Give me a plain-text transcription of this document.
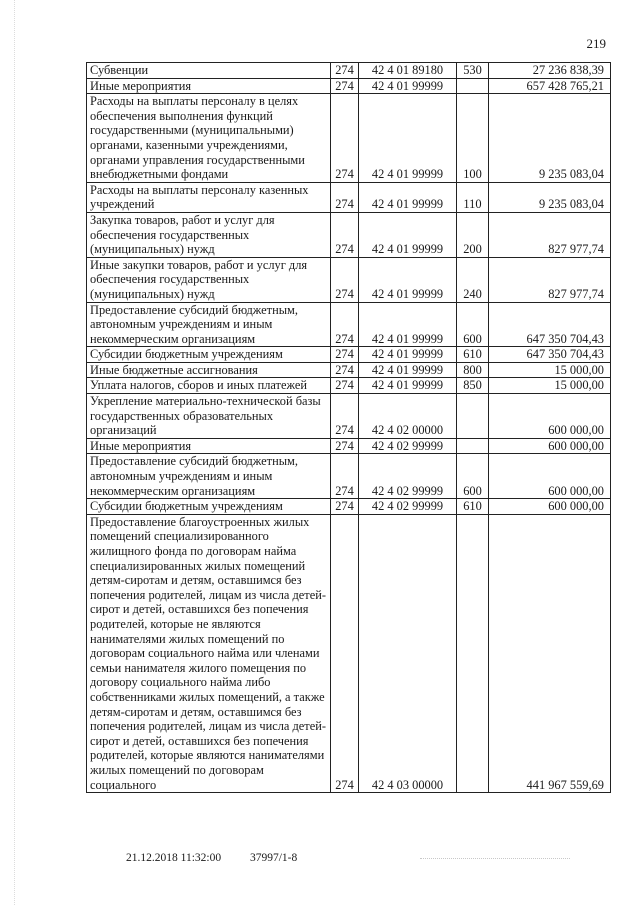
219
Субвенции	274	42 4 01 89180	530	27 236 838,39
Иные мероприятия	274	42 4 01 99999		657 428 765,21
Расходы на выплаты персоналу в целях обеспечения выполнения функций государственными (муниципальными) органами, казенными учреждениями, органами управления государственными внебюджетными фондами	274	42 4 01 99999	100	9 235 083,04
Расходы на выплаты персоналу казенных учреждений	274	42 4 01 99999	110	9 235 083,04
Закупка товаров, работ и услуг для обеспечения государственных (муниципальных) нужд	274	42 4 01 99999	200	827 977,74
Иные закупки товаров, работ и услуг для обеспечения государственных (муниципальных) нужд	274	42 4 01 99999	240	827 977,74
Предоставление субсидий бюджетным, автономным учреждениям и иным некоммерческим организациям	274	42 4 01 99999	600	647 350 704,43
Субсидии бюджетным учреждениям	274	42 4 01 99999	610	647 350 704,43
Иные бюджетные ассигнования	274	42 4 01 99999	800	15 000,00
Уплата налогов, сборов и иных платежей	274	42 4 01 99999	850	15 000,00
Укрепление материально-технической базы государственных образовательных организаций	274	42 4 02 00000		600 000,00
Иные мероприятия	274	42 4 02 99999		600 000,00
Предоставление субсидий бюджетным, автономным учреждениям и иным некоммерческим организациям	274	42 4 02 99999	600	600 000,00
Субсидии бюджетным учреждениям	274	42 4 02 99999	610	600 000,00
Предоставление благоустроенных жилых помещений специализированного жилищного фонда по договорам найма специализированных жилых помещений детям-сиротам и детям, оставшимся без попечения родителей, лицам из числа детей-сирот и детей, оставшихся без попечения родителей, которые не являются нанимателями жилых помещений по договорам социального найма или членами семьи нанимателя жилого помещения по договору социального найма либо собственниками жилых помещений, а также детям-сиротам и детям, оставшимся без попечения родителей, лицам из числа детей-сирот и детей, оставшихся без попечения родителей, которые являются нанимателями жилых помещений по договорам социального	274	42 4 03 00000		441 967 559,69
21.12.2018 11:32:00	37997/1-8
